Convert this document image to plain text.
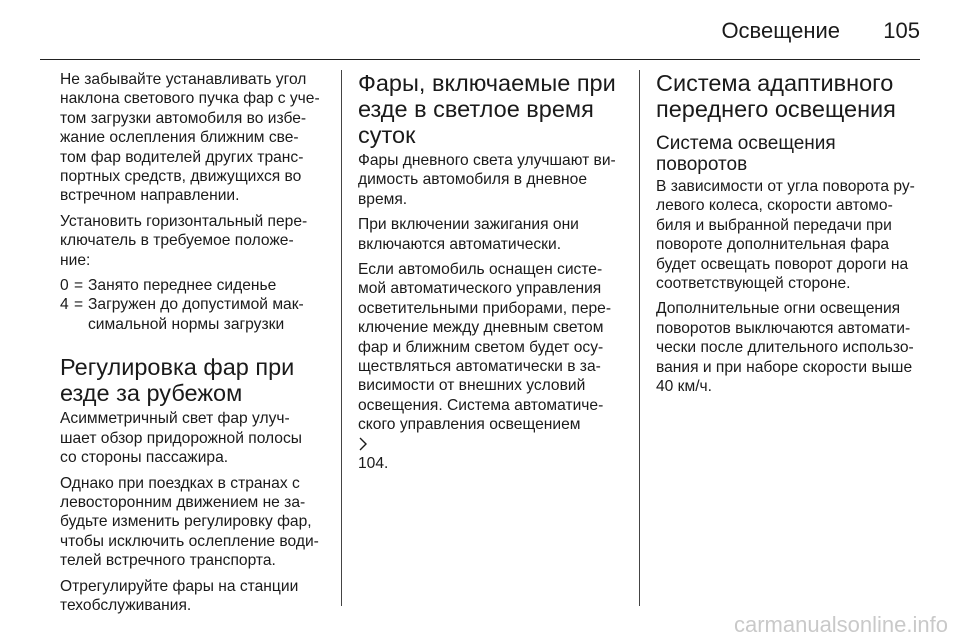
Освещение 105

Не забывайте устанавливать угол
наклона светового пучка фар с уче-
том загрузки автомобиля во избе-
жание ослепления ближним све-
том фар водителей других транс-
портных средств, движущихся во
встречном направлении.

Установить горизонтальный пере-
ключатель в требуемое положе-
ние:

0 = Занято переднее сиденье
4 = Загружен до допустимой мак-
симальной нормы загрузки
Регулировка фар при
езде за рубежом

Асимметричный свет фар улуч-
шает обзор придорожной полосы
со стороны пассажира.

Однако при поездках в странах с
левосторонним движением не за-
будьте изменить регулировку фар,
чтобы исключить ослепление води-
телей встречного транспорта.

Отрегулируйте фары на станции
техобслуживания.

Фары, включаемые при
езде в светлое время
суток

Фары дневного света улучшают ви-
димость автомобиля в дневное
время.

При включении зажигания они
включаются автоматически.

Если автомобиль оснащен систе-
мой автоматического управления
осветительными приборами, пере-
ключение между дневным светом
фар и ближним светом будет осу-
ществляться автоматически в за-
висимости от внешних условий
освещения. Система автоматиче-
ского управления освещением
104.

Система адаптивного
переднего освещения
Система освещения
поворотов

В зависимости от угла поворота ру-
левого колеса, скорости автомо-
биля и выбранной передачи при
повороте дополнительная фара
будет освещать поворот дороги на
соответствующей стороне.

Дополнительные огни освещения
поворотов выключаются автомати-
чески после длительного использо-
вания и при наборе скорости выше
40 км/ч.

carmanualsonline.info
